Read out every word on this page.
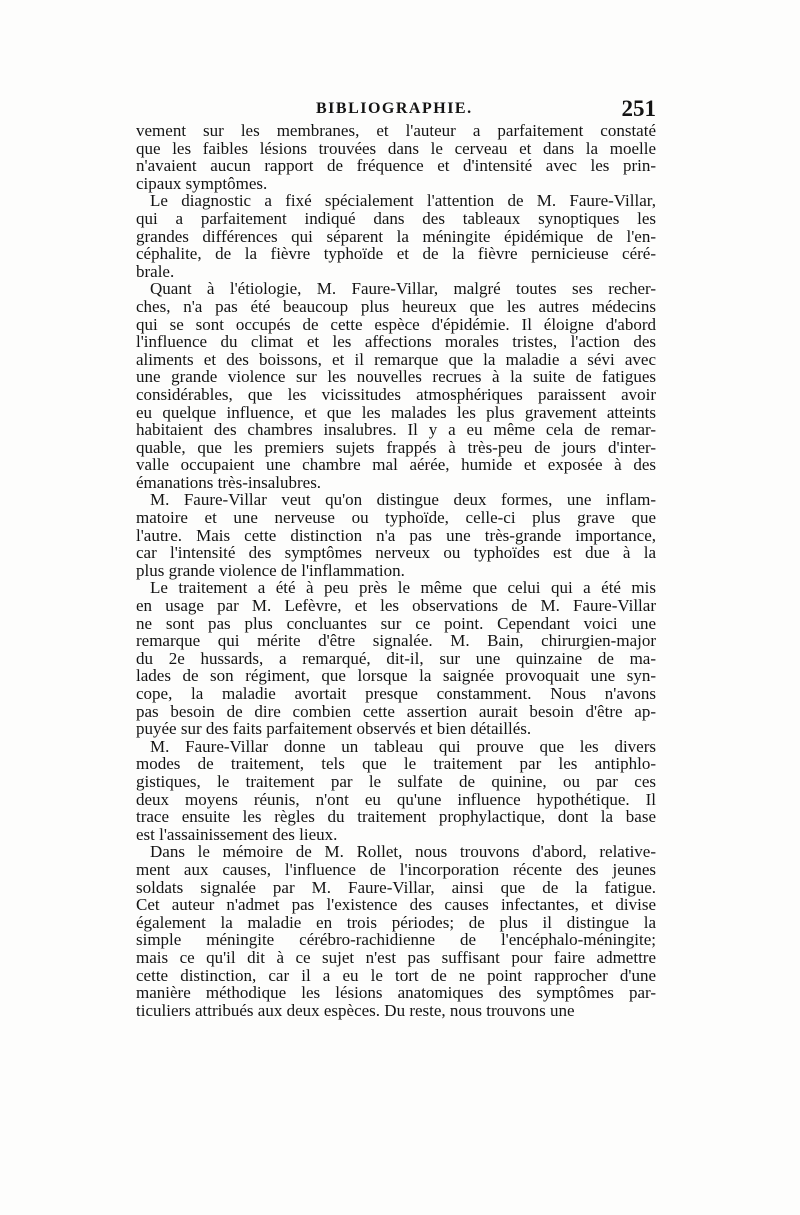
BIBLIOGRAPHIE.	251
vement sur les membranes, et l'auteur a parfaitement constaté
que les faibles lésions trouvées dans le cerveau et dans la moelle
n'avaient aucun rapport de fréquence et d'intensité avec les prin-
cipaux symptômes.
Le diagnostic a fixé spécialement l'attention de M. Faure-Villar,
qui a parfaitement indiqué dans des tableaux synoptiques les
grandes différences qui séparent la méningite épidémique de l'en-
céphalite, de la fièvre typhoïde et de la fièvre pernicieuse céré-
brale.
Quant à l'étiologie, M. Faure-Villar, malgré toutes ses recher-
ches, n'a pas été beaucoup plus heureux que les autres médecins
qui se sont occupés de cette espèce d'épidémie. Il éloigne d'abord
l'influence du climat et les affections morales tristes, l'action des
aliments et des boissons, et il remarque que la maladie a sévi avec
une grande violence sur les nouvelles recrues à la suite de fatigues
considérables, que les vicissitudes atmosphériques paraissent avoir
eu quelque influence, et que les malades les plus gravement atteints
habitaient des chambres insalubres. Il y a eu même cela de remar-
quable, que les premiers sujets frappés à très-peu de jours d'inter-
valle occupaient une chambre mal aérée, humide et exposée à des
émanations très-insalubres.
M. Faure-Villar veut qu'on distingue deux formes, une inflam-
matoire et une nerveuse ou typhoïde, celle-ci plus grave que
l'autre. Mais cette distinction n'a pas une très-grande importance,
car l'intensité des symptômes nerveux ou typhoïdes est due à la
plus grande violence de l'inflammation.
Le traitement a été à peu près le même que celui qui a été mis
en usage par M. Lefèvre, et les observations de M. Faure-Villar
ne sont pas plus concluantes sur ce point. Cependant voici une
remarque qui mérite d'être signalée. M. Bain, chirurgien-major
du 2e hussards, a remarqué, dit-il, sur une quinzaine de ma-
lades de son régiment, que lorsque la saignée provoquait une syn-
cope, la maladie avortait presque constamment. Nous n'avons
pas besoin de dire combien cette assertion aurait besoin d'être ap-
puyée sur des faits parfaitement observés et bien détaillés.
M. Faure-Villar donne un tableau qui prouve que les divers
modes de traitement, tels que le traitement par les antiphlo-
gistiques, le traitement par le sulfate de quinine, ou par ces
deux moyens réunis, n'ont eu qu'une influence hypothétique. Il
trace ensuite les règles du traitement prophylactique, dont la base
est l'assainissement des lieux.
Dans le mémoire de M. Rollet, nous trouvons d'abord, relative-
ment aux causes, l'influence de l'incorporation récente des jeunes
soldats signalée par M. Faure-Villar, ainsi que de la fatigue.
Cet auteur n'admet pas l'existence des causes infectantes, et divise
également la maladie en trois périodes; de plus il distingue la
simple méningite cérébro-rachidienne de l'encéphalo-méningite;
mais ce qu'il dit à ce sujet n'est pas suffisant pour faire admettre
cette distinction, car il a eu le tort de ne point rapprocher d'une
manière méthodique les lésions anatomiques des symptômes par-
ticuliers attribués aux deux espèces. Du reste, nous trouvons une
